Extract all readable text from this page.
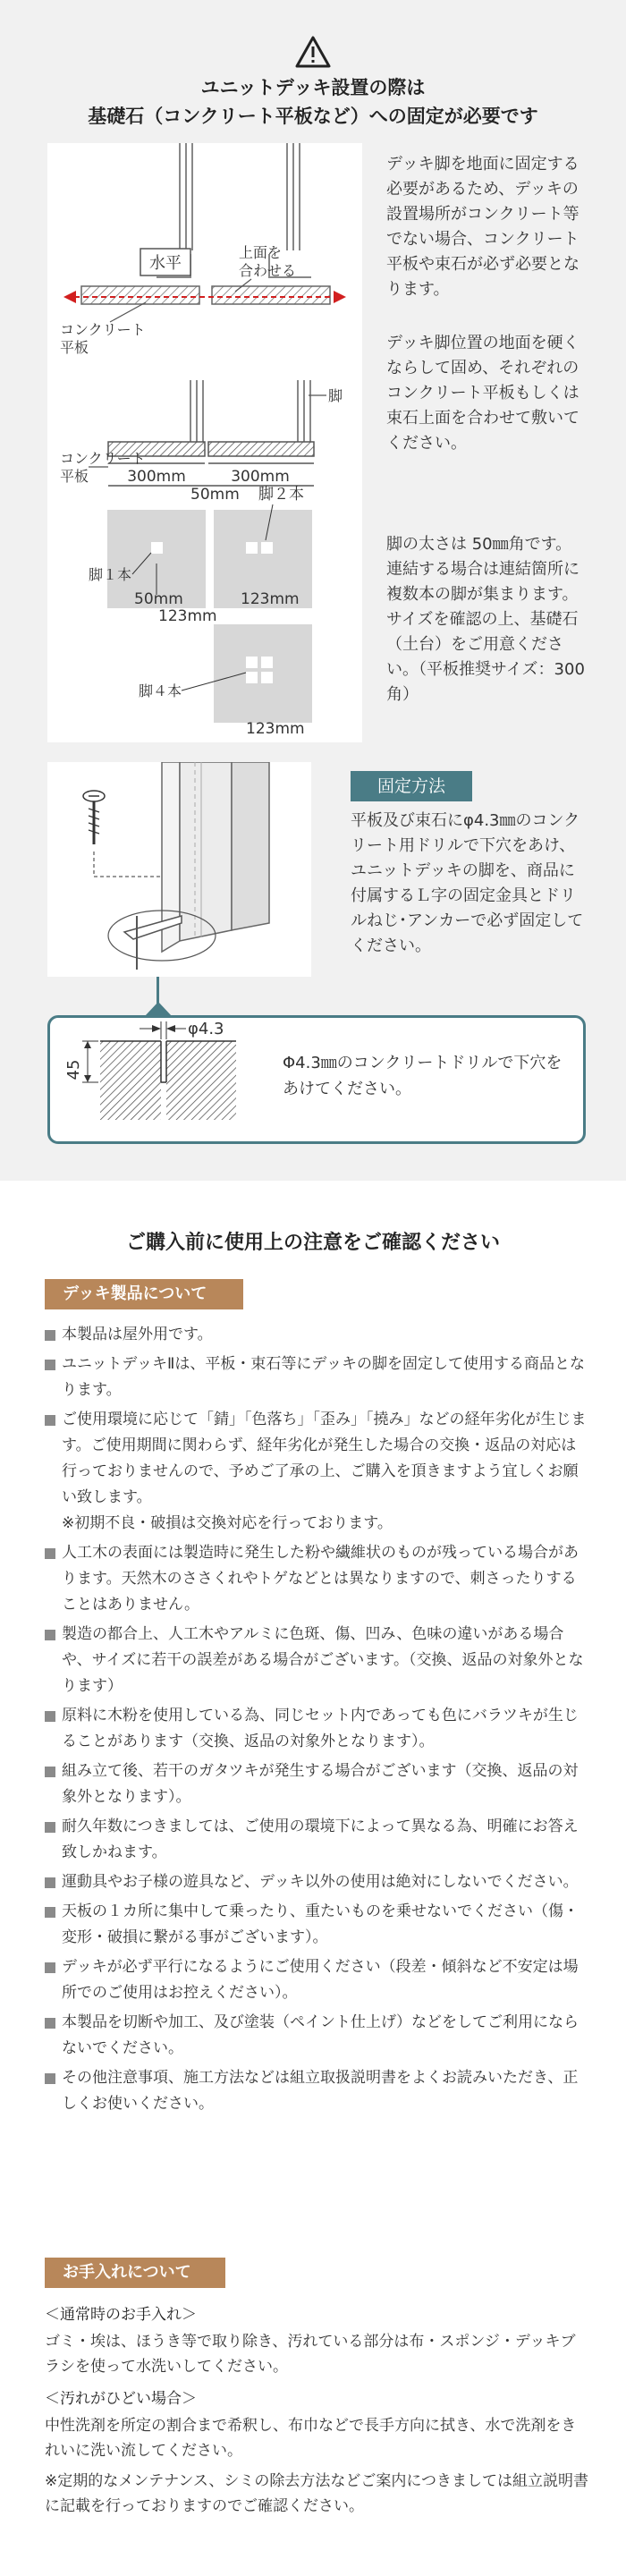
ユニットデッキ設置の際は
基礎石（コンクリート平板など）への固定が必要です
水平
上面を
合わせる
コンクリート
平板
脚
コンクリート
平板	300mm	300mm
脚１本
50mm
50mm 脚２本
123mm
123mm
脚４本
123mm
デッキ脚を地面に固定する必要があるため、デッキの設置場所がコンクリート等でない場合、コンクリート平板や束石が必ず必要となります。
デッキ脚位置の地面を硬くならして固め、それぞれのコンクリート平板もしくは束石上面を合わせて敷いてください。
脚の太さは 50㎜角です。連結する場合は連結箇所に複数本の脚が集まります。サイズを確認の上、基礎石（土台）をご用意ください。（平板推奨サイズ：300角）
固定方法
平板及び束石にφ4.3㎜のコンクリート用ドリルで下穴をあけ、ユニットデッキの脚を、商品に付属するＬ字の固定金具とドリルねじ･アンカーで必ず固定してください。
φ4.3
45	Φ4.3㎜のコンクリートドリルで下穴をあけてください。
ご購入前に使用上の注意をご確認ください
デッキ製品について
本製品は屋外用です。
ユニットデッキⅡは、平板・束石等にデッキの脚を固定して使用する商品となります。
ご使用環境に応じて「錆」「色落ち」「歪み」「撓み」などの経年劣化が生じます。ご使用期間に関わらず、経年劣化が発生した場合の交換・返品の対応は行っておりませんので、予めご了承の上、ご購入を頂きますよう宜しくお願い致します。
※初期不良・破損は交換対応を行っております。
人工木の表面には製造時に発生した粉や繊維状のものが残っている場合があります。天然木のささくれやトゲなどとは異なりますので、刺さったりすることはありません。
製造の都合上、人工木やアルミに色斑、傷、凹み、色味の違いがある場合や、サイズに若干の誤差がある場合がございます。（交換、返品の対象外となります）
原料に木粉を使用している為、同じセット内であっても色にバラツキが生じることがあります（交換、返品の対象外となります）。
組み立て後、若干のガタツキが発生する場合がございます（交換、返品の対象外となります）。
耐久年数につきましては、ご使用の環境下によって異なる為、明確にお答え致しかねます。
運動具やお子様の遊具など、デッキ以外の使用は絶対にしないでください。
天板の１カ所に集中して乗ったり、重たいものを乗せないでください（傷・変形・破損に繋がる事がございます）。
デッキが必ず平行になるようにご使用ください（段差・傾斜など不安定は場所でのご使用はお控えください）。
本製品を切断や加工、及び塗装（ペイント仕上げ）などをしてご利用にならないでください。
その他注意事項、施工方法などは組立取扱説明書をよくお読みいただき、正しくお使いください。
お手入れについて
＜通常時のお手入れ＞
ゴミ・埃は、ほうき等で取り除き、汚れている部分は布・スポンジ・デッキブラシを使って水洗いしてください。
＜汚れがひどい場合＞
中性洗剤を所定の割合まで希釈し、布巾などで長手方向に拭き、水で洗剤をきれいに洗い流してください。
※定期的なメンテナンス、シミの除去方法などご案内につきましては組立説明書に記載を行っておりますのでご確認ください。
